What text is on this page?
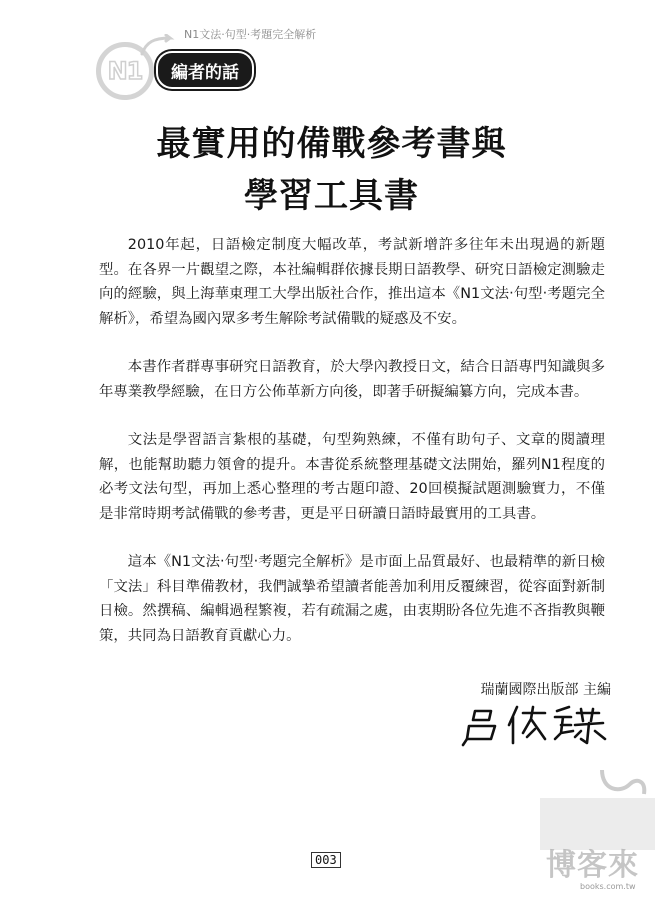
N1
N1文法‧句型‧考題完全解析
編者的話
最實用的備戰參考書與
學習工具書

2010年起，日語檢定制度大幅改革，考試新增許多往年未出現過的新題型。在各界一片觀望之際，本社編輯群依據長期日語教學、研究日語檢定測驗走向的經驗，與上海華東理工大學出版社合作，推出這本《N1文法‧句型‧考題完全解析》，希望為國內眾多考生解除考試備戰的疑惑及不安。

本書作者群專事研究日語教育，於大學內教授日文，結合日語專門知識與多年專業教學經驗，在日方公佈革新方向後，即著手研擬編纂方向，完成本書。

文法是學習語言紮根的基礎，句型夠熟練，不僅有助句子、文章的閱讀理解，也能幫助聽力領會的提升。本書從系統整理基礎文法開始，羅列N1程度的必考文法句型，再加上悉心整理的考古題印證、20回模擬試題測驗實力，不僅是非常時期考試備戰的參考書，更是平日研讀日語時最實用的工具書。

這本《N1文法‧句型‧考題完全解析》是市面上品質最好、也最精準的新日檢「文法」科目準備教材，我們誠摯希望讀者能善加利用反覆練習，從容面對新制日檢。然撰稿、編輯過程繁複，若有疏漏之處，由衷期盼各位先進不吝指教與鞭策，共同為日語教育貢獻心力。

瑞蘭國際出版部 主編
003	博客來
books.com.tw
